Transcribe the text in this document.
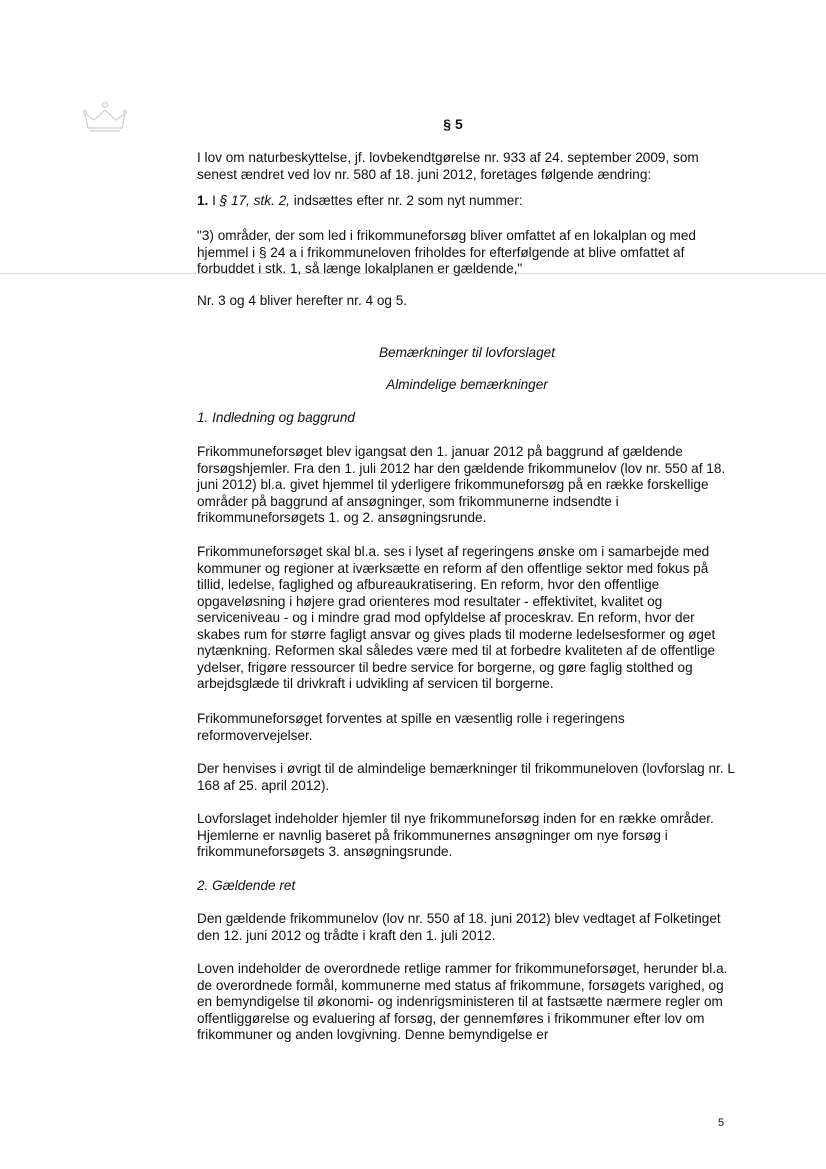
§ 5

I lov om naturbeskyttelse, jf. lovbekendtgørelse nr. 933 af 24. september 2009, som senest ændret ved lov nr. 580 af 18. juni 2012, foretages følgende ændring:

1. I § 17, stk. 2, indsættes efter nr. 2 som nyt nummer:

"3) områder, der som led i frikommuneforsøg bliver omfattet af en lokalplan og med hjemmel i § 24 a i frikommuneloven friholdes for efterfølgende at blive omfattet af forbuddet i stk. 1, så længe lokalplanen er gældende,"

Nr. 3 og 4 bliver herefter nr. 4 og 5.

Bemærkninger til lovforslaget

Almindelige bemærkninger

1. Indledning og baggrund

Frikommuneforsøget blev igangsat den 1. januar 2012 på baggrund af gældende forsøgshjemler. Fra den 1. juli 2012 har den gældende frikommunelov (lov nr. 550 af 18. juni 2012) bl.a. givet hjemmel til yderligere frikommuneforsøg på en række forskellige områder på baggrund af ansøgninger, som frikommunerne indsendte i frikommuneforsøgets 1. og 2. ansøgningsrunde.

Frikommuneforsøget skal bl.a. ses i lyset af regeringens ønske om i samarbejde med kommuner og regioner at iværksætte en reform af den offentlige sektor med fokus på tillid, ledelse, faglighed og afbureaukratisering. En reform, hvor den offentlige opgaveløsning i højere grad orienteres mod resultater - effektivitet, kvalitet og serviceniveau - og i mindre grad mod opfyldelse af proceskrav. En reform, hvor der skabes rum for større fagligt ansvar og gives plads til moderne ledelsesformer og øget nytænkning. Reformen skal således være med til at forbedre kvaliteten af de offentlige ydelser, frigøre ressourcer til bedre service for borgerne, og gøre faglig stolthed og arbejdsglæde til drivkraft i udvikling af servicen til borgerne.

Frikommuneforsøget forventes at spille en væsentlig rolle i regeringens reformovervejelser.

Der henvises i øvrigt til de almindelige bemærkninger til frikommuneloven (lovforslag nr. L 168 af 25. april 2012).

Lovforslaget indeholder hjemler til nye frikommuneforsøg inden for en række områder. Hjemlerne er navnlig baseret på frikommunernes ansøgninger om nye forsøg i frikommuneforsøgets 3. ansøgningsrunde.

2. Gældende ret

Den gældende frikommunelov (lov nr. 550 af 18. juni 2012) blev vedtaget af Folketinget den 12. juni 2012 og trådte i kraft den 1. juli 2012.

Loven indeholder de overordnede retlige rammer for frikommuneforsøget, herunder bl.a. de overordnede formål, kommunerne med status af frikommune, forsøgets varighed, og en bemyndigelse til økonomi- og indenrigsministeren til at fastsætte nærmere regler om offentliggørelse og evaluering af forsøg, der gennemføres i frikommuner efter lov om frikommuner og anden lovgivning. Denne bemyndigelse er

5
